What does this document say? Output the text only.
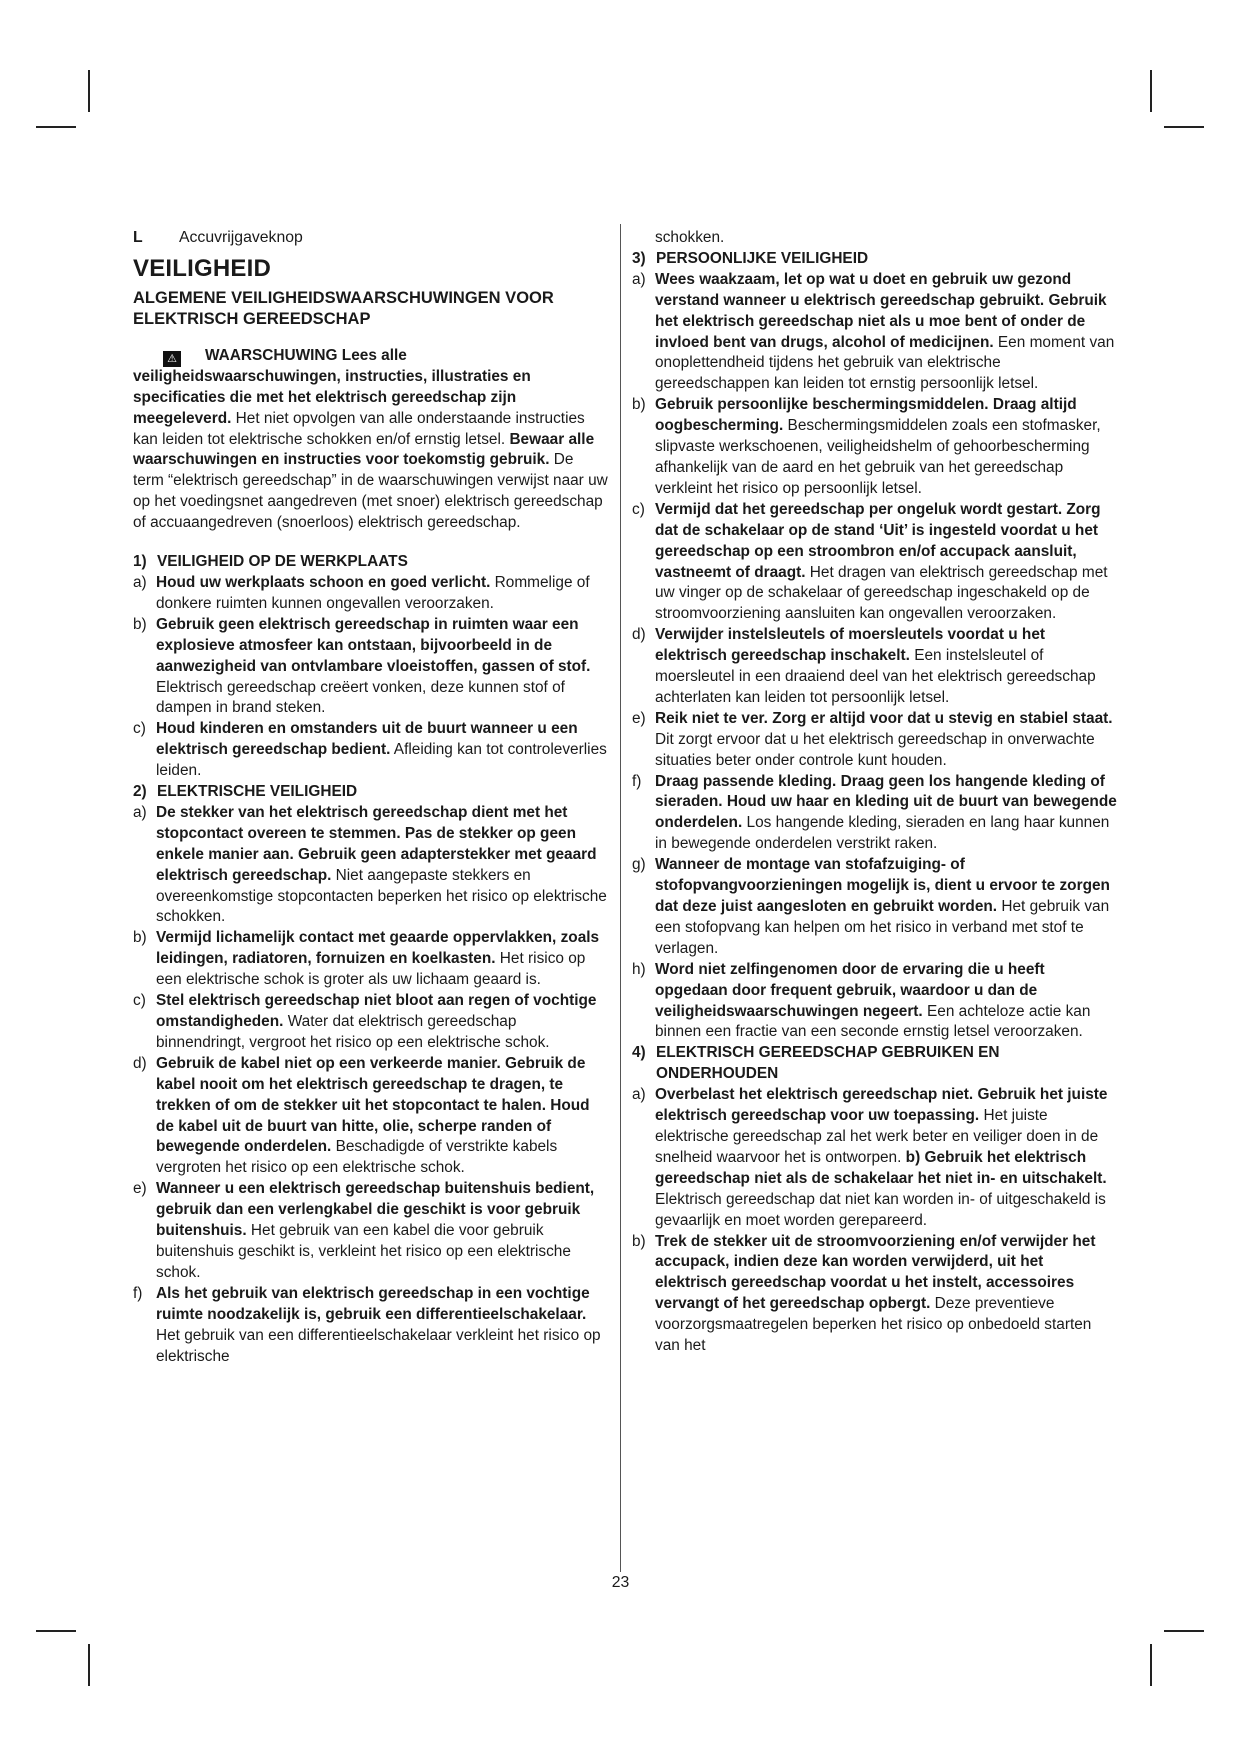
L	Accuvrijgaveknop
VEILIGHEID
ALGEMENE VEILIGHEIDSWAARSCHUWINGEN VOOR ELEKTRISCH GEREEDSCHAP
⚠ WAARSCHUWING Lees alle veiligheidswaarschuwingen, instructies, illustraties en specificaties die met het elektrisch gereedschap zijn meegeleverd. Het niet opvolgen van alle onderstaande instructies kan leiden tot elektrische schokken en/of ernstig letsel. Bewaar alle waarschuwingen en instructies voor toekomstig gebruik. De term “elektrisch gereedschap” in de waarschuwingen verwijst naar uw op het voedingsnet aangedreven (met snoer) elektrisch gereedschap of accuaangedreven (snoerloos) elektrisch gereedschap.
1) VEILIGHEID OP DE WERKPLAATS
a) Houd uw werkplaats schoon en goed verlicht. Rommelige of donkere ruimten kunnen ongevallen veroorzaken.
b) Gebruik geen elektrisch gereedschap in ruimten waar een explosieve atmosfeer kan ontstaan, bijvoorbeeld in de aanwezigheid van ontvlambare vloeistoffen, gassen of stof. Elektrisch gereedschap creëert vonken, deze kunnen stof of dampen in brand steken.
c) Houd kinderen en omstanders uit de buurt wanneer u een elektrisch gereedschap bedient. Afleiding kan tot controleverlies leiden.
2) ELEKTRISCHE VEILIGHEID
a) De stekker van het elektrisch gereedschap dient met het stopcontact overeen te stemmen. Pas de stekker op geen enkele manier aan. Gebruik geen adapterstekker met geaard elektrisch gereedschap. Niet aangepaste stekkers en overeenkomstige stopcontacten beperken het risico op elektrische schokken.
b) Vermijd lichamelijk contact met geaarde oppervlakken, zoals leidingen, radiatoren, fornuizen en koelkasten. Het risico op een elektrische schok is groter als uw lichaam geaard is.
c) Stel elektrisch gereedschap niet bloot aan regen of vochtige omstandigheden. Water dat elektrisch gereedschap binnendringt, vergroot het risico op een elektrische schok.
d) Gebruik de kabel niet op een verkeerde manier. Gebruik de kabel nooit om het elektrisch gereedschap te dragen, te trekken of om de stekker uit het stopcontact te halen. Houd de kabel uit de buurt van hitte, olie, scherpe randen of bewegende onderdelen. Beschadigde of verstrikte kabels vergroten het risico op een elektrische schok.
e) Wanneer u een elektrisch gereedschap buitenshuis bedient, gebruik dan een verlengkabel die geschikt is voor gebruik buitenshuis. Het gebruik van een kabel die voor gebruik buitenshuis geschikt is, verkleint het risico op een elektrische schok.
f) Als het gebruik van elektrisch gereedschap in een vochtige ruimte noodzakelijk is, gebruik een differentieelschakelaar. Het gebruik van een differentieelschakelaar verkleint het risico op elektrische
schokken.
3) PERSOONLIJKE VEILIGHEID
a) Wees waakzaam, let op wat u doet en gebruik uw gezond verstand wanneer u elektrisch gereedschap gebruikt. Gebruik het elektrisch gereedschap niet als u moe bent of onder de invloed bent van drugs, alcohol of medicijnen. Een moment van onoplettendheid tijdens het gebruik van elektrische gereedschappen kan leiden tot ernstig persoonlijk letsel.
b) Gebruik persoonlijke beschermingsmiddelen. Draag altijd oogbescherming. Beschermingsmiddelen zoals een stofmasker, slipvaste werkschoenen, veiligheidshelm of gehoorbescherming afhankelijk van de aard en het gebruik van het gereedschap verkleint het risico op persoonlijk letsel.
c) Vermijd dat het gereedschap per ongeluk wordt gestart. Zorg dat de schakelaar op de stand ‘Uit’ is ingesteld voordat u het gereedschap op een stroombron en/of accupack aansluit, vastneemt of draagt. Het dragen van elektrisch gereedschap met uw vinger op de schakelaar of gereedschap ingeschakeld op de stroomvoorziening aansluiten kan ongevallen veroorzaken.
d) Verwijder instelsleutels of moersleutels voordat u het elektrisch gereedschap inschakelt. Een instelsleutel of moersleutel in een draaiend deel van het elektrisch gereedschap achterlaten kan leiden tot persoonlijk letsel.
e) Reik niet te ver. Zorg er altijd voor dat u stevig en stabiel staat. Dit zorgt ervoor dat u het elektrisch gereedschap in onverwachte situaties beter onder controle kunt houden.
f) Draag passende kleding. Draag geen los hangende kleding of sieraden. Houd uw haar en kleding uit de buurt van bewegende onderdelen. Los hangende kleding, sieraden en lang haar kunnen in bewegende onderdelen verstrikt raken.
g) Wanneer de montage van stofafzuiging- of stofopvangvoorzieningen mogelijk is, dient u ervoor te zorgen dat deze juist aangesloten en gebruikt worden. Het gebruik van een stofopvang kan helpen om het risico in verband met stof te verlagen.
h) Word niet zelfingenomen door de ervaring die u heeft opgedaan door frequent gebruik, waardoor u dan de veiligheidswaarschuwingen negeert. Een achteloze actie kan binnen een fractie van een seconde ernstig letsel veroorzaken.
4) ELEKTRISCH GEREEDSCHAP GEBRUIKEN EN ONDERHOUDEN
a) Overbelast het elektrisch gereedschap niet. Gebruik het juiste elektrisch gereedschap voor uw toepassing. Het juiste elektrische gereedschap zal het werk beter en veiliger doen in de snelheid waarvoor het is ontworpen. b) Gebruik het elektrisch gereedschap niet als de schakelaar het niet in- en uitschakelt. Elektrisch gereedschap dat niet kan worden in- of uitgeschakeld is gevaarlijk en moet worden gerepareerd.
b) Trek de stekker uit de stroomvoorziening en/of verwijder het accupack, indien deze kan worden verwijderd, uit het elektrisch gereedschap voordat u het instelt, accessoires vervangt of het gereedschap opbergt. Deze preventieve voorzorgsmaatregelen beperken het risico op onbedoeld starten van het
23
